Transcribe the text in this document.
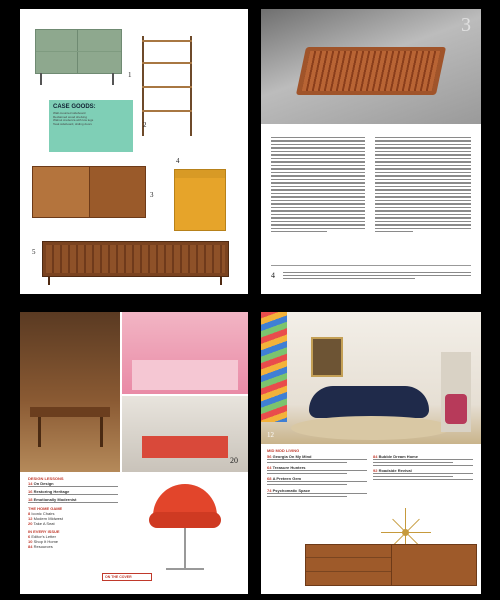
1
2
CASE GOODS:
Wall-mounted sideboard
Reclaimed wood shelving
Walnut credenza with low legs
Teak sideboard, sliding doors
3
4
5
3
4
20
DESIGN LESSONS
14 On Design
16 Restoring Heritage
18 Emotionally Modernist
THE HOME GAME
8 Iconic Chairs
12 Modern Midwest
20 Take A Seat
IN EVERY ISSUE
6 Editor's Letter
10 Shop It Home
84 Resources
ON THE COVER
12
MID MOD LIVING
56 Georgia On My Mind
64 Treasure Hunters
68 A Preteen Gem
74 Psychomatic Space
84 Bubble Dream Home
92 Roadside Revival
